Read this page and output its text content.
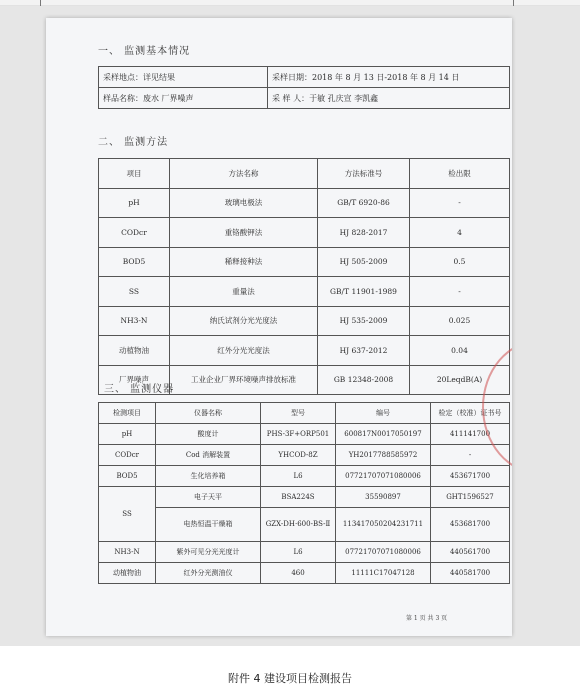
一、 监测基本情况
采样地点：详见结果	采样日期：2018 年 8 月 13 日-2018 年 8 月 14 日
样品名称：废水 厂界噪声	采 样 人：于敏 孔庆宣 李凯鑫
二、 监测方法
项目	方法名称	方法标准号	检出限
pH	玻璃电极法	GB/T 6920-86	-
CODcr	重铬酸钾法	HJ 828-2017	4
BOD5	稀释接种法	HJ 505-2009	0.5
SS	重量法	GB/T 11901-1989	-
NH3-N	纳氏试剂分光光度法	HJ 535-2009	0.025
动植物油	红外分光光度法	HJ 637-2012	0.04
厂界噪声	工业企业厂界环境噪声排放标准	GB 12348-2008	20LeqdB(A)
三、 监测仪器
检测项目	仪器名称	型号	编号	检定（校准）证书号
pH	酸度计	PHS-3F+ORP501	600817N0017050197	411141700
CODcr	Cod 消解装置	YHCOD-8Z	YH2017788585972	-
BOD5	生化培养箱	L6	07721707071080006	453671700
SS	电子天平	BSA224S	35590897	GHT1596527
	电热恒温干燥箱	GZX-DH·600-BS-Ⅱ	113417050204231711	453681700
NH3-N	紫外可见分光光度计	L6	07721707071080006	440561700
动植物油	红外分光测油仪	460	11111C17047128	440581700
第 1 页 共 3 页
附件 4 建设项目检测报告
